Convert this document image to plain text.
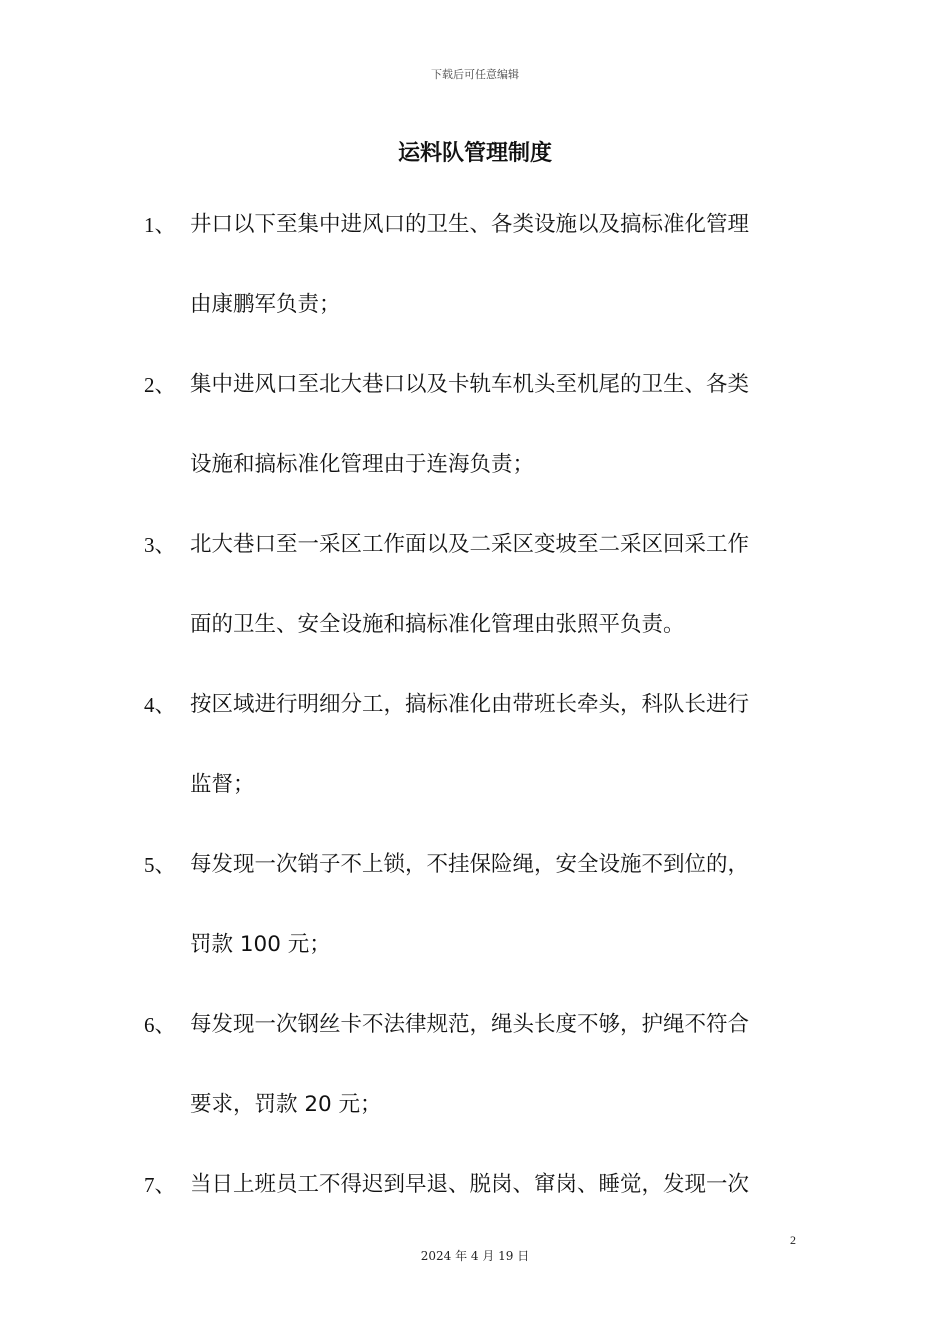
下载后可任意编辑
运料队管理制度
1、 井口以下至集中进风口的卫生、各类设施以及搞标准化管理
由康鹏军负责；
2、 集中进风口至北大巷口以及卡轨车机头至机尾的卫生、各类
设施和搞标准化管理由于连海负责；
3、 北大巷口至一采区工作面以及二采区变坡至二采区回采工作
面的卫生、安全设施和搞标准化管理由张照平负责。
4、 按区域进行明细分工，搞标准化由带班长牵头，科队长进行
监督；
5、 每发现一次销子不上锁，不挂保险绳，安全设施不到位的，
罚款 100 元；
6、 每发现一次钢丝卡不法律规范，绳头长度不够，护绳不符合
要求，罚款 20 元；
7、 当日上班员工不得迟到早退、脱岗、窜岗、睡觉，发现一次
2
2024 年 4 月 19 日
